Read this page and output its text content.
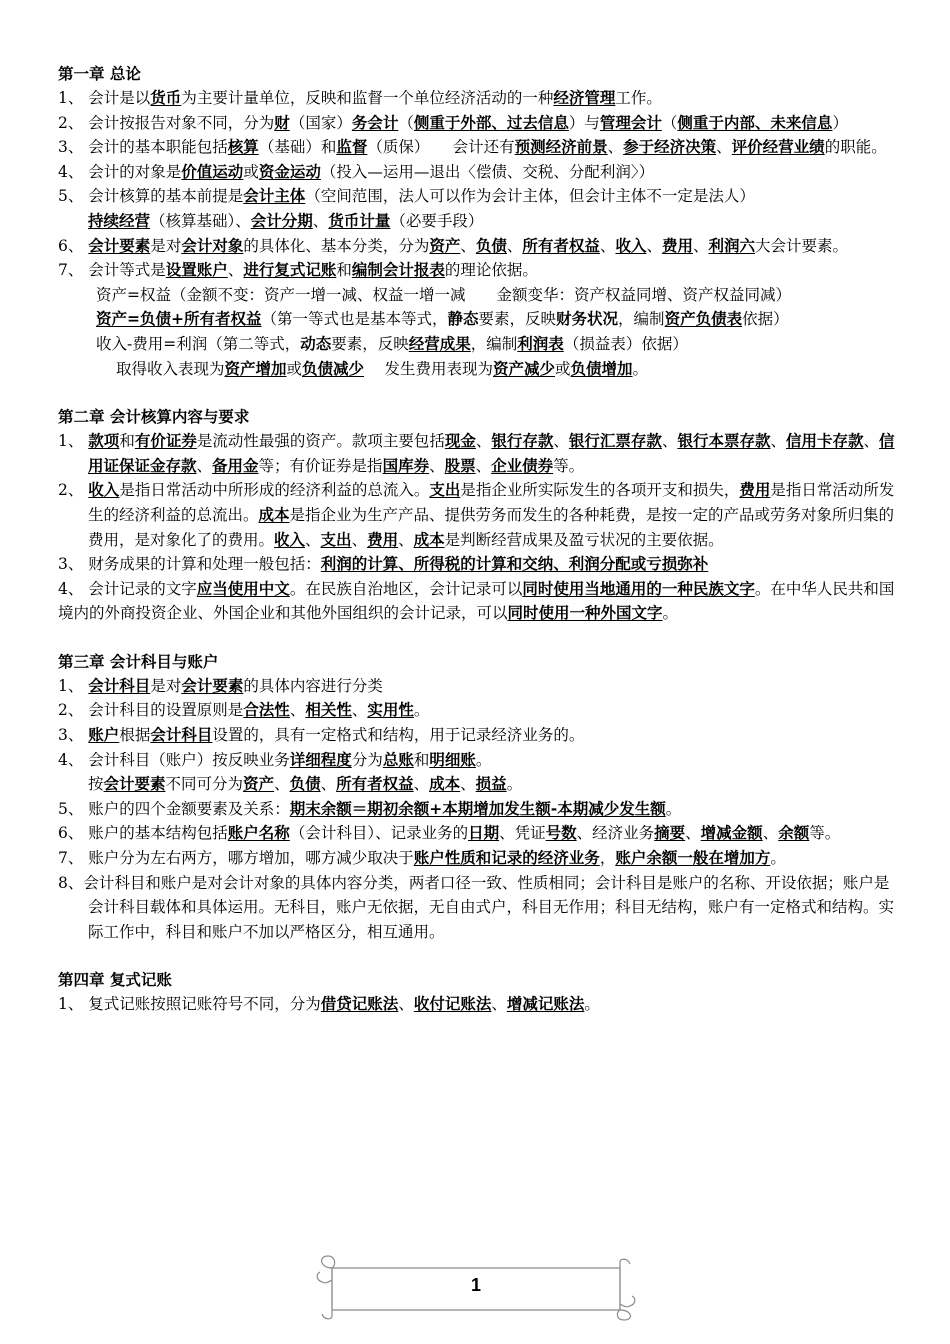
第一章 总论

1、 会计是以货币为主要计量单位，反映和监督一个单位经济活动的一种经济管理工作。

2、 会计按报告对象不同，分为财（国家）务会计（侧重于外部、过去信息）与管理会计（侧重于内部、未来信息）

3、 会计的基本职能包括核算（基础）和监督（质保）　　会计还有预测经济前景、参于经济决策、评价经营业绩的职能。

4、 会计的对象是价值运动或资金运动（投入—运用—退出〈偿债、交税、分配利润〉）

5、 会计核算的基本前提是会计主体（空间范围，法人可以作为会计主体，但会计主体不一定是法人）

持续经营（核算基础）、会计分期、货币计量（必要手段）

6、 会计要素是对会计对象的具体化、基本分类，分为资产、负债、所有者权益、收入、费用、利润六大会计要素。

7、 会计等式是设置账户、进行复式记账和编制会计报表的理论依据。

资产=权益（金额不变：资产一增一减、权益一增一减　　金额变华：资产权益同增、资产权益同减）

资产=负债+所有者权益（第一等式也是基本等式，静态要素，反映财务状况，编制资产负债表依据）

收入-费用=利润（第二等式，动态要素，反映经营成果，编制利润表（损益表）依据）

取得收入表现为资产增加或负债减少　 发生费用表现为资产减少或负债增加。

第二章 会计核算内容与要求

1、 款项和有价证券是流动性最强的资产。款项主要包括现金、银行存款、银行汇票存款、银行本票存款、信用卡存款、信用证保证金存款、备用金等；有价证券是指国库券、股票、企业债券等。

2、 收入是指日常活动中所形成的经济利益的总流入。支出是指企业所实际发生的各项开支和损失，费用是指日常活动所发生的经济利益的总流出。成本是指企业为生产产品、提供劳务而发生的各种耗费，是按一定的产品或劳务对象所归集的费用，是对象化了的费用。收入、支出、费用、成本是判断经营成果及盈亏状况的主要依据。

3、 财务成果的计算和处理一般包括：利润的计算、所得税的计算和交纳、利润分配或亏损弥补

4、 会计记录的文字应当使用中文。在民族自治地区，会计记录可以同时使用当地通用的一种民族文字。在中华人民共和国境内的外商投资企业、外国企业和其他外国组织的会计记录，可以同时使用一种外国文字。

第三章 会计科目与账户

1、 会计科目是对会计要素的具体内容进行分类

2、 会计科目的设置原则是合法性、相关性、实用性。

3、 账户根据会计科目设置的，具有一定格式和结构，用于记录经济业务的。

4、 会计科目（账户）按反映业务详细程度分为总账和明细账。

按会计要素不同可分为资产、负债、所有者权益、成本、损益。

5、 账户的四个金额要素及关系：期末余额＝期初余额+本期增加发生额-本期减少发生额。

6、 账户的基本结构包括账户名称（会计科目）、记录业务的日期、凭证号数、经济业务摘要、增减金额、余额等。

7、 账户分为左右两方，哪方增加，哪方减少取决于账户性质和记录的经济业务，账户余额一般在增加方。

8、会计科目和账户是对会计对象的具体内容分类，两者口径一致、性质相同；会计科目是账户的名称、开设依据；账户是会计科目载体和具体运用。无科目，账户无依据，无自由式户，科目无作用；科目无结构，账户有一定格式和结构。实际工作中，科目和账户不加以严格区分，相互通用。

第四章 复式记账

1、 复式记账按照记账符号不同，分为借贷记账法、收付记账法、增减记账法。

1
